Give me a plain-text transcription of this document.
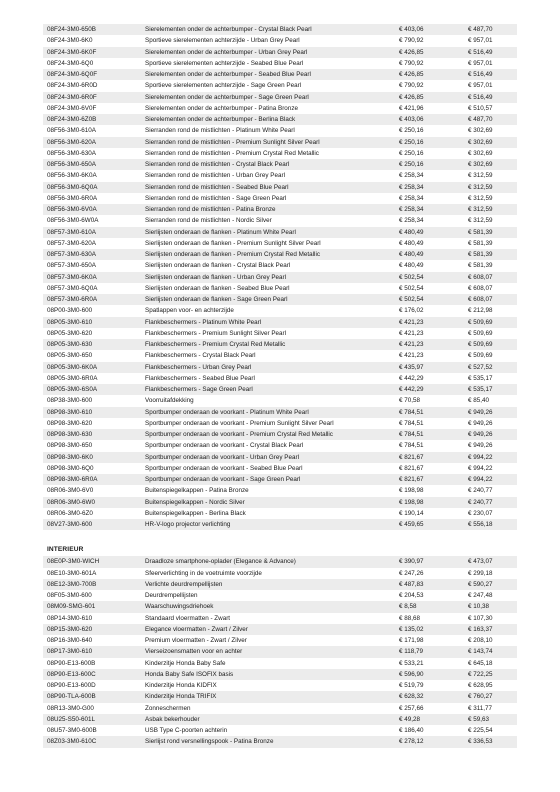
08F24-3M0-650B	Sierelementen onder de achterbumper - Crystal Black Pearl	€ 403,06	€ 487,70
08F24-3M0-6K0	Sportieve sierelementen achterzijde - Urban Grey Pearl	€ 790,92	€ 957,01
08F24-3M0-6K0F	Sierelementen onder de achterbumper - Urban Grey Pearl	€ 426,85	€ 516,49
08F24-3M0-6Q0	Sportieve sierelementen achterzijde - Seabed Blue Pearl	€ 790,92	€ 957,01
08F24-3M0-6Q0F	Sierelementen onder de achterbumper - Seabed Blue Pearl	€ 426,85	€ 516,49
08F24-3M0-6R0D	Sportieve sierelementen achterzijde - Sage Green Pearl	€ 790,92	€ 957,01
08F24-3M0-6R0F	Sierelementen onder de achterbumper - Sage Green Pearl	€ 426,85	€ 516,49
08F24-3M0-6V0F	Sierelementen onder de achterbumper - Patina Bronze	€ 421,96	€ 510,57
08F24-3M0-6Z0B	Sierelementen onder de achterbumper - Berlina Black	€ 403,06	€ 487,70
08F56-3M0-610A	Sierranden rond de mistlichten - Platinum White Pearl	€ 250,16	€ 302,69
08F56-3M0-620A	Sierranden rond de mistlichten - Premium Sunlight Silver Pearl	€ 250,16	€ 302,69
08F56-3M0-630A	Sierranden rond de mistlichten - Premium Crystal Red Metallic	€ 250,16	€ 302,69
08F56-3M0-650A	Sierranden rond de mistlichten - Crystal Black Pearl	€ 250,16	€ 302,69
08F56-3M0-6K0A	Sierranden rond de mistlichten - Urban Grey Pearl	€ 258,34	€ 312,59
08F56-3M0-6Q0A	Sierranden rond de mistlichten - Seabed Blue Pearl	€ 258,34	€ 312,59
08F56-3M0-6R0A	Sierranden rond de mistlichten - Sage Green Pearl	€ 258,34	€ 312,59
08F56-3M0-6V0A	Sierranden rond de mistlichten - Patina Bronze	€ 258,34	€ 312,59
08F56-3M0-6W0A	Sierranden rond de mistlichten - Nordic Silver	€ 258,34	€ 312,59
08F57-3M0-610A	Sierlijsten onderaan de flanken - Platinum White Pearl	€ 480,49	€ 581,39
08F57-3M0-620A	Sierlijsten onderaan de flanken - Premium Sunlight Silver Pearl	€ 480,49	€ 581,39
08F57-3M0-630A	Sierlijsten onderaan de flanken - Premium Crystal Red Metallic	€ 480,49	€ 581,39
08F57-3M0-650A	Sierlijsten onderaan de flanken - Crystal Black Pearl	€ 480,49	€ 581,39
08F57-3M0-6K0A	Sierlijsten onderaan de flanken - Urban Grey Pearl	€ 502,54	€ 608,07
08F57-3M0-6Q0A	Sierlijsten onderaan de flanken - Seabed Blue Pearl	€ 502,54	€ 608,07
08F57-3M0-6R0A	Sierlijsten onderaan de flanken - Sage Green Pearl	€ 502,54	€ 608,07
08P00-3M0-600	Spatlappen voor- en achterzijde	€ 176,02	€ 212,98
08P05-3M0-610	Flankbeschermers - Platinum White Pearl	€ 421,23	€ 509,69
08P05-3M0-620	Flankbeschermers - Premium Sunlight Silver Pearl	€ 421,23	€ 509,69
08P05-3M0-630	Flankbeschermers - Premium Crystal Red Metallic	€ 421,23	€ 509,69
08P05-3M0-650	Flankbeschermers - Crystal Black Pearl	€ 421,23	€ 509,69
08P05-3M0-6K0A	Flankbeschermers - Urban Grey Pearl	€ 435,97	€ 527,52
08P05-3M0-6R0A	Flankbeschermers - Seabed Blue Pearl	€ 442,29	€ 535,17
08P05-3M0-6S0A	Flankbeschermers - Sage Green Pearl	€ 442,29	€ 535,17
08P38-3M0-600	Voorruitafdekking	€ 70,58	€ 85,40
08P98-3M0-610	Sportbumper onderaan de voorkant - Platinum White Pearl	€ 784,51	€ 949,26
08P98-3M0-620	Sportbumper onderaan de voorkant - Premium Sunlight Silver Pearl	€ 784,51	€ 949,26
08P98-3M0-630	Sportbumper onderaan de voorkant - Premium Crystal Red Metallic	€ 784,51	€ 949,26
08P98-3M0-650	Sportbumper onderaan de voorkant - Crystal Black Pearl	€ 784,51	€ 949,26
08P98-3M0-6K0	Sportbumper onderaan de voorkant - Urban Grey Pearl	€ 821,67	€ 994,22
08P98-3M0-6Q0	Sportbumper onderaan de voorkant - Seabed Blue Pearl	€ 821,67	€ 994,22
08P98-3M0-6R0A	Sportbumper onderaan de voorkant - Sage Green Pearl	€ 821,67	€ 994,22
08R06-3M0-6V0	Buitenspiegelkappen - Patina Bronze	€ 198,98	€ 240,77
08R06-3M0-6W0	Buitenspiegelkappen - Nordic Silver	€ 198,98	€ 240,77
08R06-3M0-6Z0	Buitenspiegelkappen - Berlina Black	€ 190,14	€ 230,07
08V27-3M0-600	HR-V-logo projector verlichting	€ 459,65	€ 556,18
INTERIEUR
08E0P-3M0-WICH	Draadloze smartphone-oplader (Elegance & Advance)	€ 390,97	€ 473,07
08E10-3M0-601A	Sfeerverlichting in de voetruimte voorzijde	€ 247,26	€ 299,18
08E12-3M0-700B	Verlichte deurdrempellijsten	€ 487,83	€ 590,27
08F05-3M0-600	Deurdrempellijsten	€ 204,53	€ 247,48
08M09-SMG-601	Waarschuwingsdriehoek	€ 8,58	€ 10,38
08P14-3M0-610	Standaard vloermatten - Zwart	€ 88,68	€ 107,30
08P15-3M0-620	Elegance vloermatten - Zwart / Zilver	€ 135,02	€ 163,37
08P16-3M0-640	Premium vloermatten - Zwart / Zilver	€ 171,98	€ 208,10
08P17-3M0-610	Vierseizoensmatten voor en achter	€ 118,79	€ 143,74
08P90-E13-600B	Kinderzitje Honda Baby Safe	€ 533,21	€ 645,18
08P90-E13-600C	Honda Baby Safe ISOFIX basis	€ 596,90	€ 722,25
08P90-E13-600D	Kinderzitje Honda KIDFIX	€ 519,79	€ 628,95
08P90-TLA-600B	Kinderzitje Honda TRIFIX	€ 628,32	€ 760,27
08R13-3M0-G00	Zonneschermen	€ 257,66	€ 311,77
08U25-S50-601L	Asbak bekerhouder	€ 49,28	€ 59,63
08U57-3M0-600B	USB Type C-poorten achterin	€ 186,40	€ 225,54
08Z03-3M0-610C	Sierlijst rond versnellingspook - Patina Bronze	€ 278,12	€ 336,53
